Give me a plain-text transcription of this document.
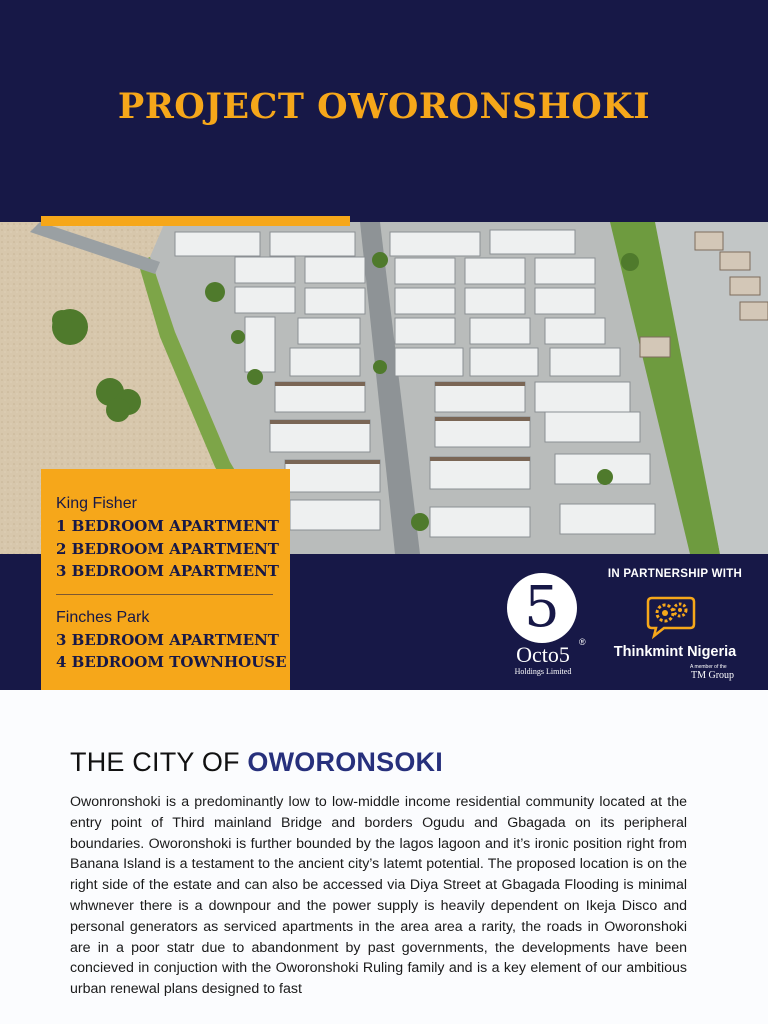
PROJECT OWORONSHOKI
King Fisher
1 BEDROOM APARTMENT
2 BEDROOM APARTMENT
3 BEDROOM APARTMENT
Finches Park
3 BEDROOM APARTMENT
4 BEDROOM TOWNHOUSE
IN PARTNERSHIP WITH
5
®
Octo5
Holdings Limited
Thinkmint Nigeria
A member of the
TM Group
THE CITY OF OWORONSOKI

Owonronshoki is a predominantly low to low-middle income residential community located at the entry point of Third mainland Bridge and borders Ogudu and Gbagada on its peripheral boundaries. Oworonshoki is further bounded by the lagos lagoon and it’s ironic position right from Banana Island is a testament to the ancient city’s latemt potential. The proposed location is on the right side of the estate and can also be accessed via Diya Street at Gbagada Flooding is minimal whwnever there is a downpour and the power supply is heavily dependent on Ikeja Disco and personal generators as serviced apartments in the area area a rarity, the roads in Oworonshoki are in a poor statr due to abandonment by past governments, the developments have been concieved in conjuction with the Oworonshoki Ruling family and is a key element of our ambitious urban renewal plans designed to fast
